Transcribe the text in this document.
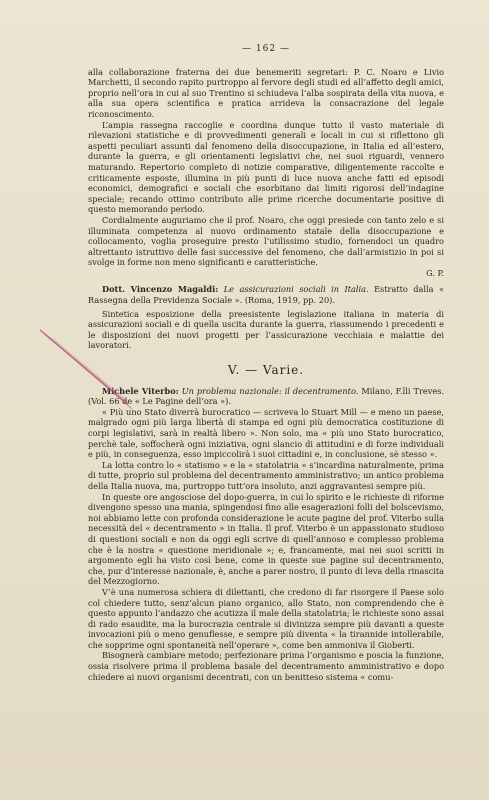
— 162 —

alla collaborazione fraterna dei due benemeriti segretari: P. C. Noaro e Livio Marchetti, il secondo rapito purtroppo al fervore degli studi ed all’affetto degli amici, proprio nell’ora in cui al suo Trentino si schiudeva l’alba sospirata della vita nuova, e alla sua opera scientifica e pratica arrideva la consacrazione del legale riconoscimento.

L’ampia rassegna raccoglie e coordina dunque tutto il vasto materiale di rilevazioni statistiche e di provvedimenti generali e locali in cui si riflettono gli aspetti peculiari assunti dal fenomeno della disoccupazione, in Italia ed all’estero, durante la guerra, e gli orientamenti legislativi che, nei suoi riguardi, vennero maturando. Repertorio completo di notizie comparative, diligentemente raccolte e criticamente esposte, illumina in più punti di luce nuova anche fatti ed episodi economici, demografici e sociali che esorbitano dai limiti rigorosi dell’indagine speciale; recando ottimo contributo alle prime ricerche documentarie positive di questo memorando periodo.

Cordialmente auguriamo che il prof. Noaro, che oggi presiede con tanto zelo e si illuminata competenza al nuovo ordinamento statale della disoccupazione e collocamento, voglia proseguire presto l’utilissimo studio, fornendoci un quadro altrettanto istruttivo delle fasi successive del fenomeno, che dall’armistizio in poi si svolge in forme non meno significanti e caratteristiche.

G. P.

Dott. Vincenzo Magaldi: Le assicurazioni sociali in Italia. Estratto dalla « Rassegna della Previdenza Sociale ». (Roma, 1919, pp. 20).

Sintetica esposizione della preesistente legislazione italiana in materia di assicurazioni sociali e di quella uscita durante la guerra, riassumendo i precedenti e le disposizioni dei nuovi progetti per l’assicurazione vecchiaia e malattie dei lavoratori.

V. — Varie.

Michele Viterbo: Un problema nazionale: il decentramento. Milano, F.lli Treves. (Vol. 66 de « Le Pagine dell’ora »).

« Più uno Stato diverrà burocratico — scriveva lo Stuart Mill — e meno un paese, malgrado ogni più larga libertà di stampa ed ogni più democratica costituzione di corpi legislativi, sarà in realtà libero ». Non solo, ma « più uno Stato burocratico, perchè tale, soffocherà ogni iniziativa, ogni slancio di attitudini e di forze individuali e più, in conseguenza, esso impiccolirà i suoi cittadini e, in conclusione, sè stesso ».

La lotta contro lo « statismo » e la « statolatria » s’incardina naturalmente, prima di tutte, proprio sul problema del decentramento amministrativo; un antico problema della Italia nuova, ma, purtroppo tutt’ora insoluto, anzi aggravantesi sempre più.

In queste ore angosciose del dopo-guerra, in cui lo spirito e le richieste di riforme divengono spesso una mania, spingendosi fino alle esagerazioni folli del bolscevismo, noi abbiamo lette con profonda considerazione le acute pagine del prof. Viterbo sulla necessità del « decentramento » in Italia. Il prof. Viterbo è un appassionato studioso di questioni sociali e non da oggi egli scrive di quell’annoso e complesso problema che è la nostra « questione meridionale »; e, francamente, mai nei suoi scritti in argomento egli ha visto così bene, come in queste sue pagine sul decentramento, che, pur d’interesse nazionale, è, anche a parer nostro, il punto di leva della rinascita del Mezzogiorno.

V’è una numerosa schiera di dilettanti, che credono di far risorgere il Paese solo col chiedere tutto, senz’alcun piano organico, allo Stato, non comprendendo che è questo appunto l’andazzo che acutizza il male della statolatria; le richieste sono assai di rado esaudite, ma la burocrazia centrale si divinizza sempre più davanti a queste invocazioni più o meno genuflesse, e sempre più diventa « la tirannide intollerabile, che sopprime ogni spontaneità nell’operare », come ben ammoniva il Gioberti.

Bisognerà cambiare metodo; perfezionare prima l’organismo e poscia la funzione, ossia risolvere prima il problema basale del decentramento amministrativo e dopo chiedere ai nuovi organismi decentrati, con un benitteso sistema « comu-
